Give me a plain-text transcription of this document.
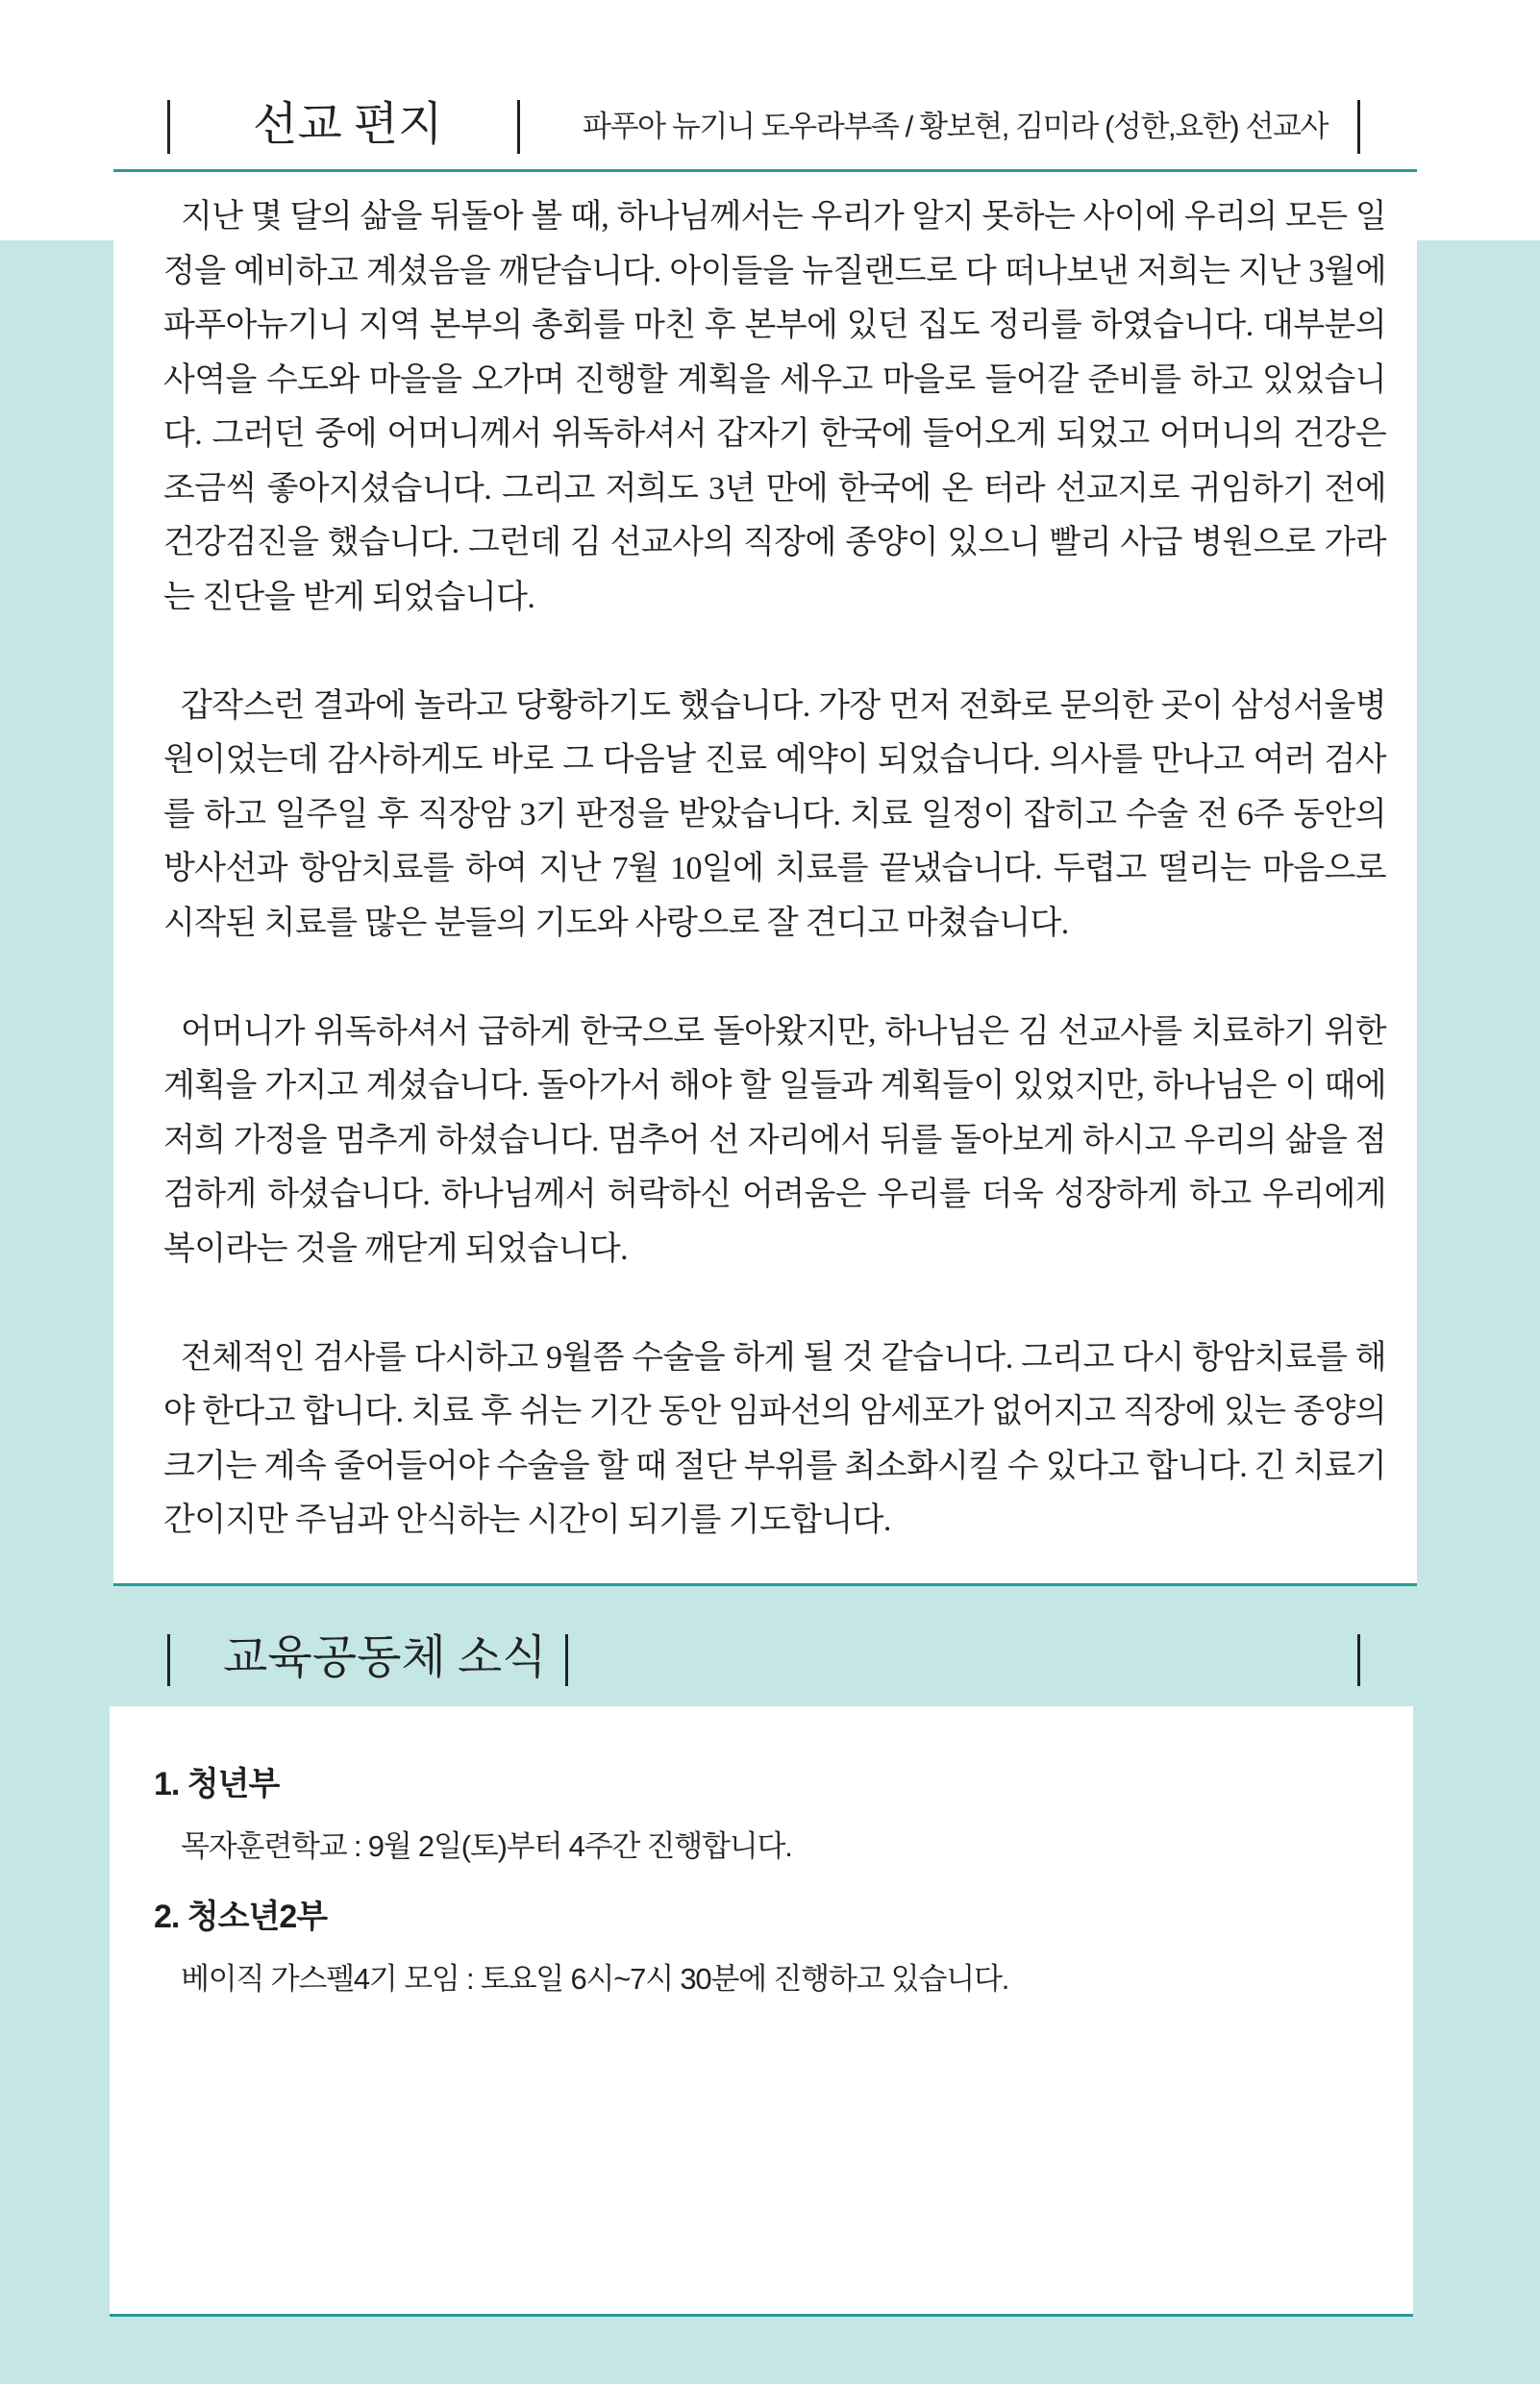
선교 편지	파푸아 뉴기니 도우라부족 / 황보현, 김미라 (성한,요한) 선교사

지난 몇 달의 삶을 뒤돌아 볼 때, 하나님께서는 우리가 알지 못하는 사이에 우리의 모든 일정을 예비하고 계셨음을 깨닫습니다. 아이들을 뉴질랜드로 다 떠나보낸 저희는 지난 3월에 파푸아뉴기니 지역 본부의 총회를 마친 후 본부에 있던 집도 정리를 하였습니다. 대부분의 사역을 수도와 마을을 오가며 진행할 계획을 세우고 마을로 들어갈 준비를 하고 있었습니다. 그러던 중에 어머니께서 위독하셔서 갑자기 한국에 들어오게 되었고 어머니의 건강은 조금씩 좋아지셨습니다. 그리고 저희도 3년 만에 한국에 온 터라 선교지로 귀임하기 전에 건강검진을 했습니다. 그런데 김 선교사의 직장에 종양이 있으니 빨리 사급 병원으로 가라는 진단을 받게 되었습니다.

갑작스런 결과에 놀라고 당황하기도 했습니다. 가장 먼저 전화로 문의한 곳이 삼성서울병원이었는데 감사하게도 바로 그 다음날 진료 예약이 되었습니다. 의사를 만나고 여러 검사를 하고 일주일 후 직장암 3기 판정을 받았습니다. 치료 일정이 잡히고 수술 전 6주 동안의 방사선과 항암치료를 하여 지난 7월 10일에 치료를 끝냈습니다. 두렵고 떨리는 마음으로 시작된 치료를 많은 분들의 기도와 사랑으로 잘 견디고 마쳤습니다.

어머니가 위독하셔서 급하게 한국으로 돌아왔지만, 하나님은 김 선교사를 치료하기 위한 계획을 가지고 계셨습니다. 돌아가서 해야 할 일들과 계획들이 있었지만, 하나님은 이 때에 저희 가정을 멈추게 하셨습니다. 멈추어 선 자리에서 뒤를 돌아보게 하시고 우리의 삶을 점검하게 하셨습니다. 하나님께서 허락하신 어려움은 우리를 더욱 성장하게 하고 우리에게 복이라는 것을 깨닫게 되었습니다.

전체적인 검사를 다시하고 9월쯤 수술을 하게 될 것 같습니다. 그리고 다시 항암치료를 해야 한다고 합니다. 치료 후 쉬는 기간 동안 임파선의 암세포가 없어지고 직장에 있는 종양의 크기는 계속 줄어들어야 수술을 할 때 절단 부위를 최소화시킬 수 있다고 합니다. 긴 치료기간이지만 주님과 안식하는 시간이 되기를 기도합니다.

교육공동체 소식
1. 청년부
목자훈련학교 : 9월 2일(토)부터 4주간 진행합니다.
2. 청소년2부
베이직 가스펠4기 모임 : 토요일 6시~7시 30분에 진행하고 있습니다.
